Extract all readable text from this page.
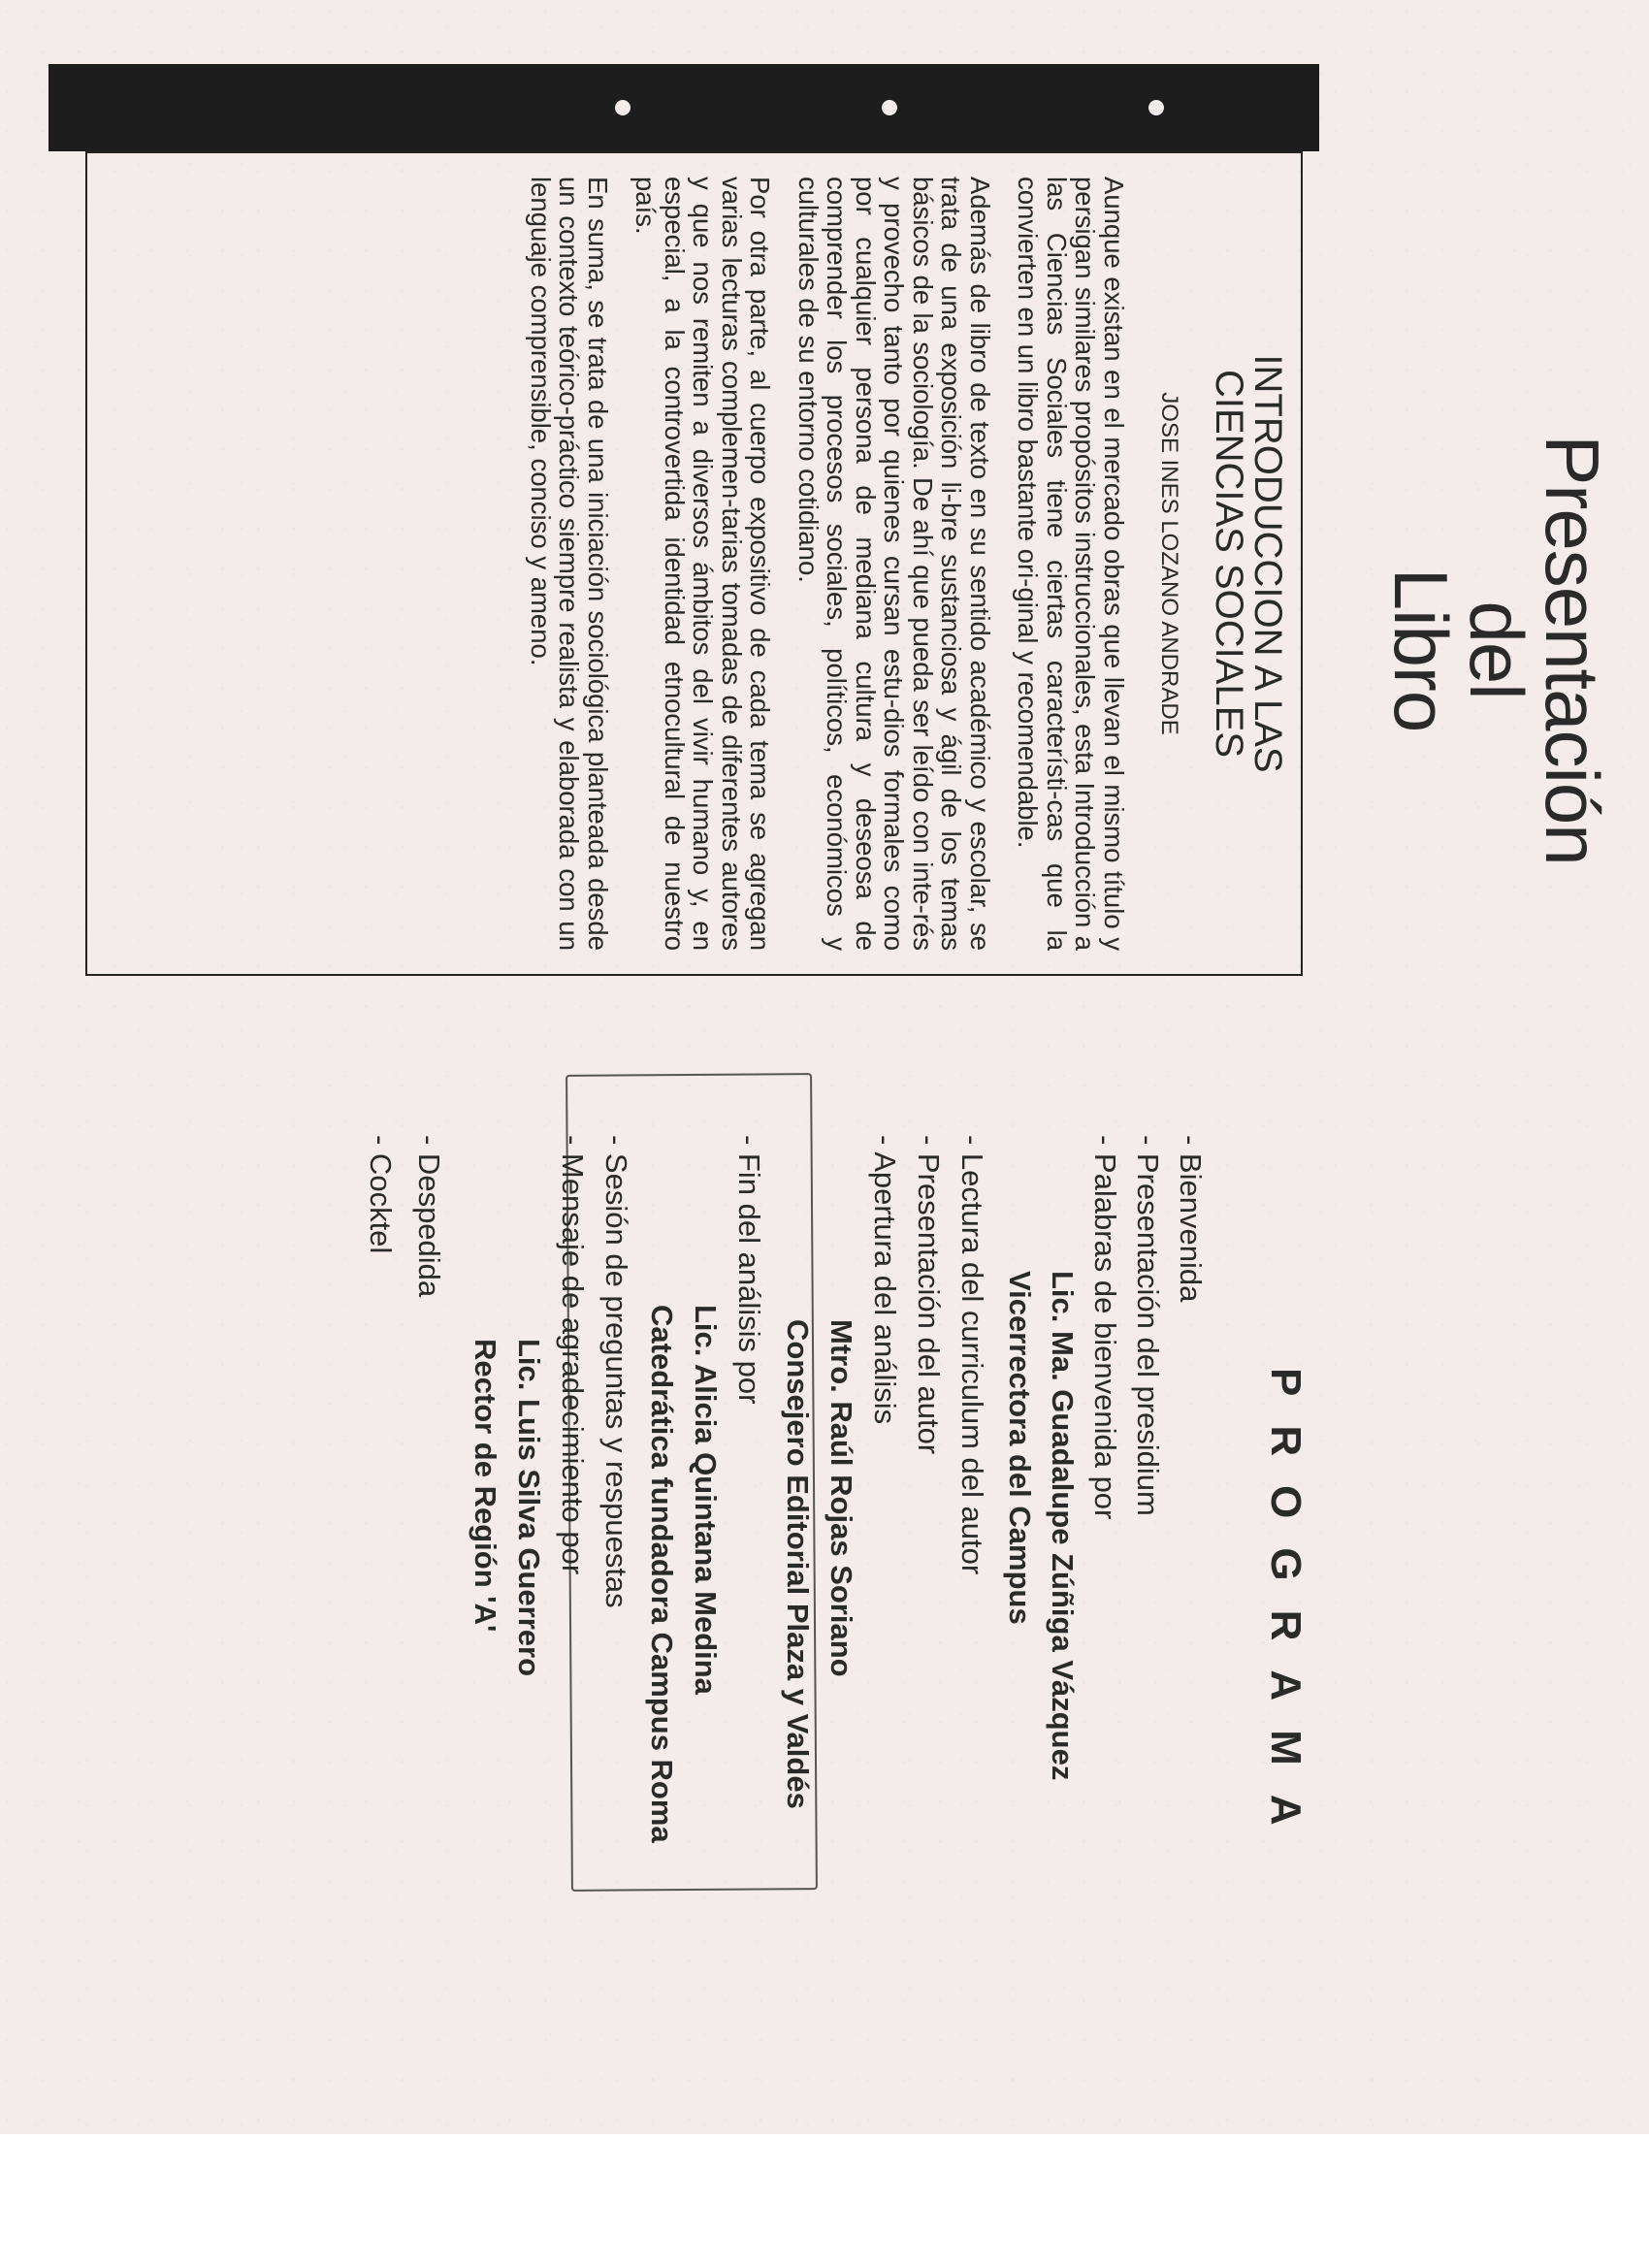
Presentación
del
Libro
INTRODUCCION A LAS
CIENCIAS SOCIALES
JOSE INES LOZANO ANDRADE

Aunque existan en el mercado obras que llevan el mismo título y persigan similares propósitos instruccionales, esta Introducción a las Ciencias Sociales tiene ciertas característi-cas que la convierten en un libro bastante ori-ginal y recomendable.

Además de libro de texto en su sentido académico y escolar, se trata de una exposición li-bre sustanciosa y ágil de los temas básicos de la sociología. De ahí que pueda ser leído con inte-rés y provecho tanto por quienes cursan estu-dios formales como por cualquier persona de mediana cultura y deseosa de comprender los procesos sociales, políticos, económicos y culturales de su entorno cotidiano.

Por otra parte, al cuerpo expositivo de cada tema se agregan varias lecturas complemen-tarias tomadas de diferentes autores y que nos remiten a diversos ámbitos del vivir humano y, en especial, a la controvertida identidad etnocultural de nuestro país.

En suma, se trata de una iniciación sociológica planteada desde un contexto teórico-práctico siempre realista y elaborada con un lenguaje comprensible, conciso y ameno.

PROGRAMA
- Bienvenida
- Presentación del presidium
- Palabras de bienvenida por
Lic. Ma. Guadalupe Zúñiga Vázquez
Vicerrectora del Campus
- Lectura del curriculum del autor
- Presentación del autor
- Apertura del análisis
Mtro. Raúl Rojas Soriano
Consejero Editorial Plaza y Valdés
- Fin del análisis por
Lic. Alicia Quintana Medina
Catedrática fundadora Campus Roma
- Sesión de preguntas y respuestas
- Mensaje de agradecimiento por
Lic. Luis Silva Guerrero
Rector de Región 'A'
- Despedida
- Cocktel
